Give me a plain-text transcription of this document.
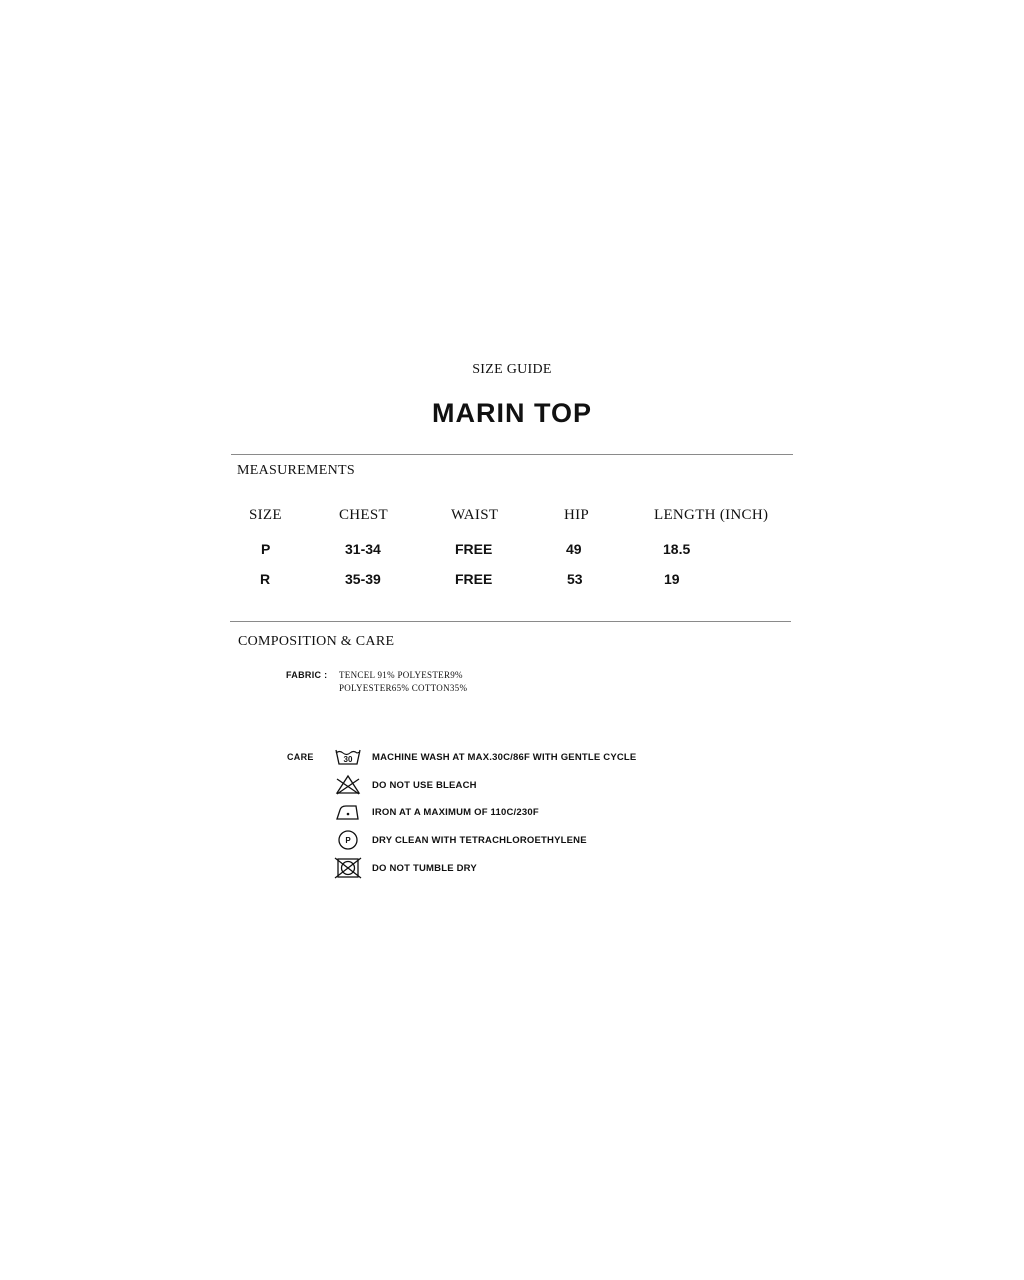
SIZE GUIDE
MARIN TOP
MEASUREMENTS
SIZE	CHEST	WAIST	HIP	LENGTH (INCH)
P	31-34	FREE	49	18.5
R	35-39	FREE	53	19
COMPOSITION & CARE
FABRIC : TENCEL 91% POLYESTER9%
POLYESTER65% COTTON35%
CARE	30 MACHINE WASH AT MAX.30C/86F WITH GENTLE CYCLE
DO NOT USE BLEACH
IRON AT A MAXIMUM OF 110C/230F
P DRY CLEAN WITH TETRACHLOROETHYLENE
DO NOT TUMBLE DRY
